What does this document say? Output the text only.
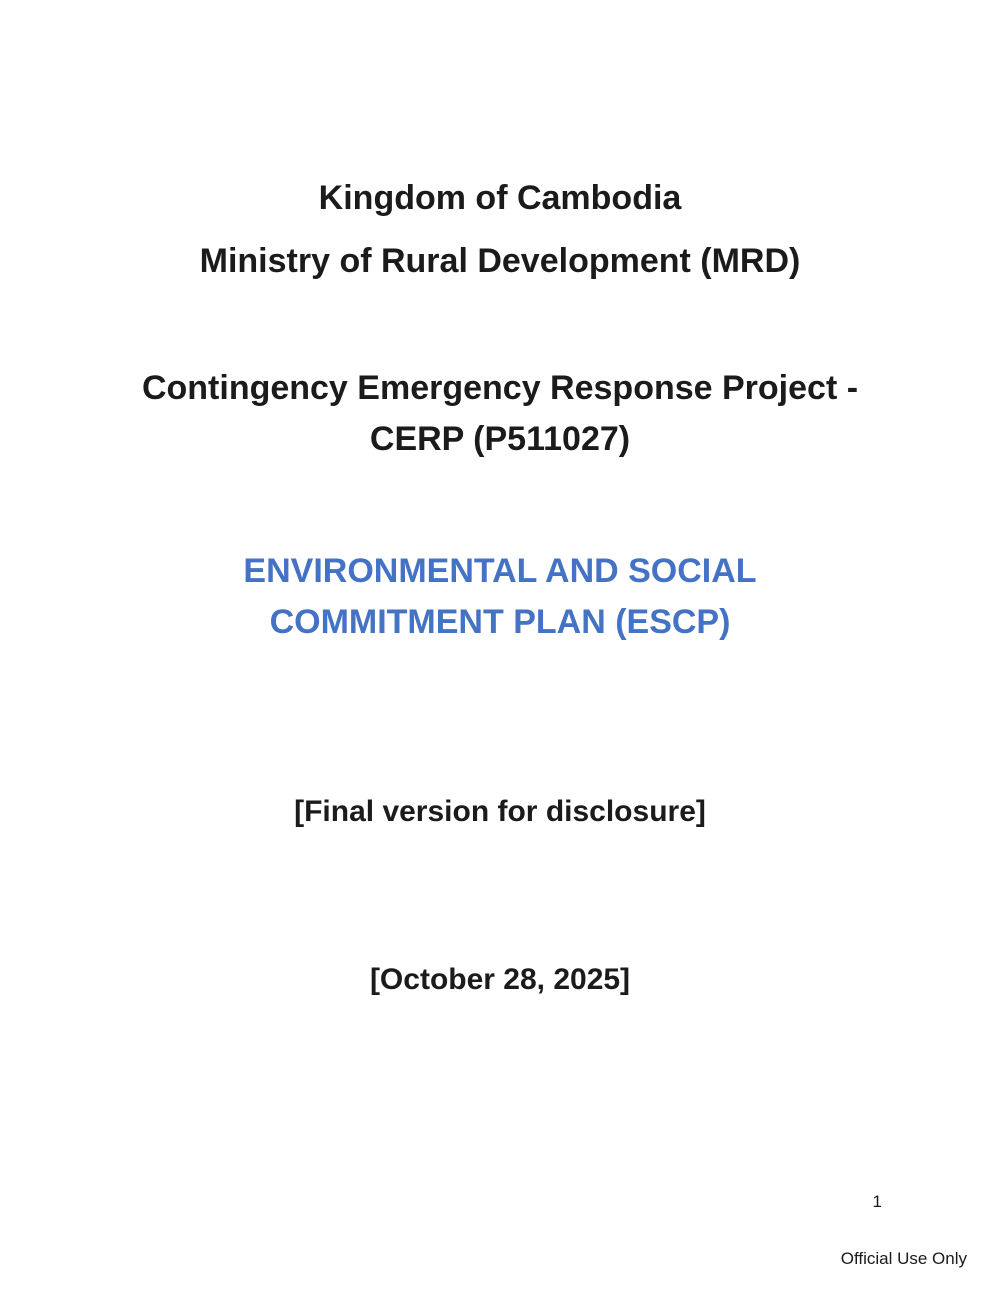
Kingdom of Cambodia
Ministry of Rural Development (MRD)
Contingency Emergency Response Project -
CERP (P511027)
ENVIRONMENTAL AND SOCIAL
COMMITMENT PLAN (ESCP)
[Final version for disclosure]
[October 28, 2025]
1
Official Use Only
